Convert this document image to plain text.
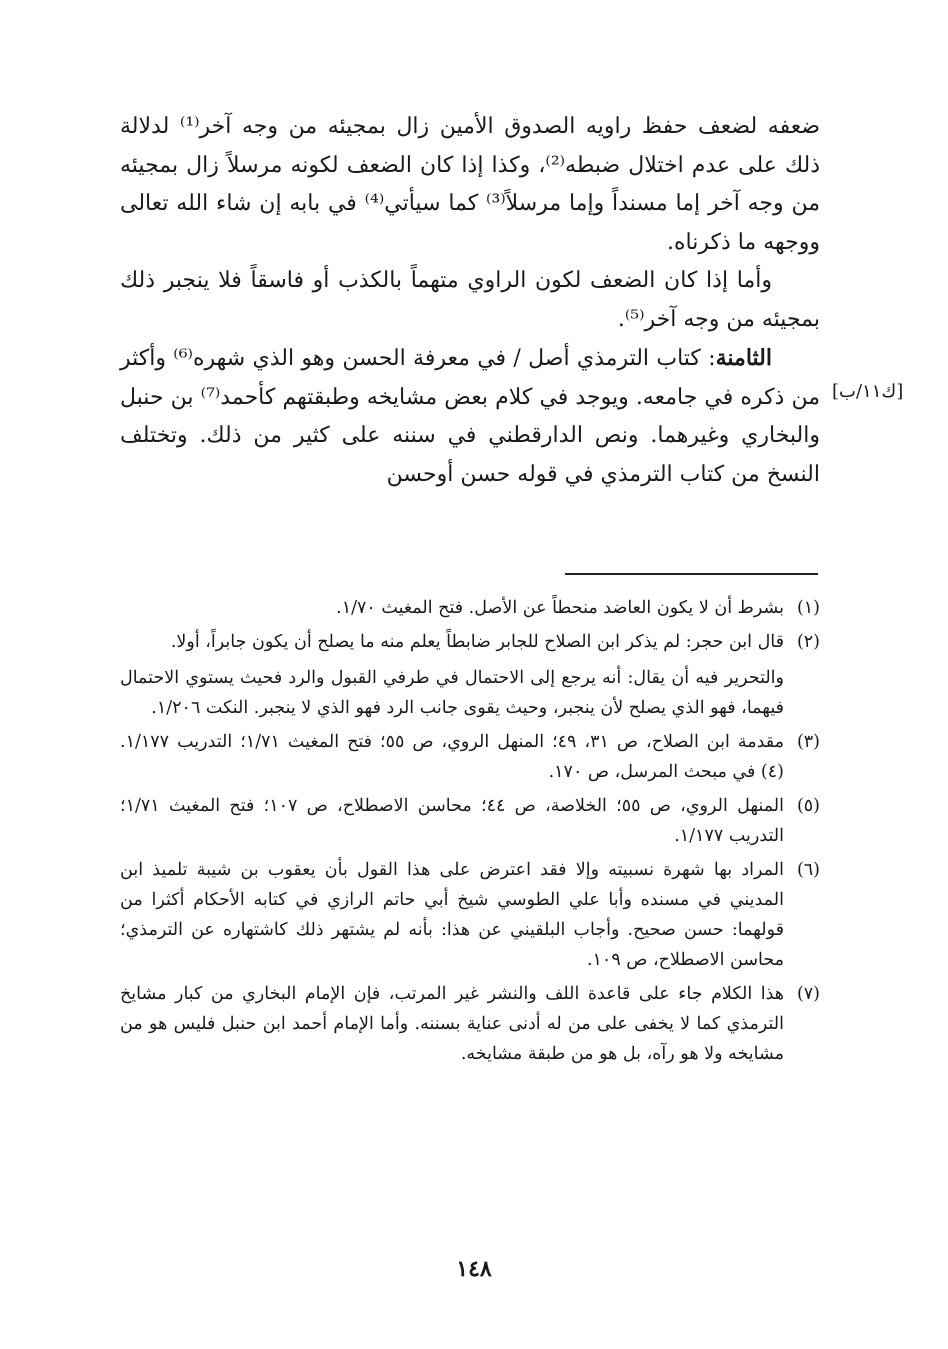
ضعفه لضعف حفظ راويه الصدوق الأمين زال بمجيئه من وجه آخر⁽¹⁾ لدلالة ذلك على عدم اختلال ضبطه⁽²⁾، وكذا إذا كان الضعف لكونه مرسلاً زال بمجيئه من وجه آخر إما مسنداً وإما مرسلاً⁽³⁾ كما سيأتي⁽⁴⁾ في بابه إن شاء الله تعالى ووجهه ما ذكرناه.

وأما إذا كان الضعف لكون الراوي متهماً بالكذب أو فاسقاً فلا ينجبر ذلك بمجيئه من وجه آخر⁽⁵⁾.

الثامنة: كتاب الترمذي أصل / في معرفة الحسن وهو الذي شهره⁽⁶⁾ وأكثر من ذكره في جامعه. ويوجد في كلام بعض مشايخه وطبقتهم كأحمد⁽⁷⁾ بن حنبل والبخاري وغيرهما. ونص الدارقطني في سننه على كثير من ذلك. وتختلف النسخ من كتاب الترمذي في قوله حسن أوحسن

[ك١١/ب]
(١)

بشرط أن لا يكون العاضد منحطاً عن الأصل. فتح المغيث ١/٧٠.

(٢)

قال ابن حجر: لم يذكر ابن الصلاح للجابر ضابطاً يعلم منه ما يصلح أن يكون جابراً، أولا.

والتحرير فيه أن يقال: أنه يرجع إلى الاحتمال في طرفي القبول والرد فحيث يستوي الاحتمال فيهما، فهو الذي يصلح لأن ينجبر، وحيث يقوى جانب الرد فهو الذي لا ينجبر. النكت ١/٢٠٦.

(٣)

مقدمة ابن الصلاح، ص ٣١، ٤٩؛ المنهل الروي، ص ٥٥؛ فتح المغيث ١/٧١؛ التدريب ١/١٧٧.      (٤) في مبحث المرسل، ص ١٧٠.

(٥)

المنهل الروي، ص ٥٥؛ الخلاصة، ص ٤٤؛ محاسن الاصطلاح، ص ١٠٧؛ فتح المغيث ١/٧١؛ التدريب ١/١٧٧.

(٦)

المراد بها شهرة نسبيته وإلا فقد اعترض على هذا القول بأن يعقوب بن شيبة تلميذ ابن المديني في مسنده وأبا علي الطوسي شيخ أبي حاتم الرازي في كتابه الأحكام أكثرا من قولهما: حسن صحيح. وأجاب البلقيني عن هذا: بأنه لم يشتهر ذلك كاشتهاره عن الترمذي؛ محاسن الاصطلاح، ص ١٠٩.

(٧)

هذا الكلام جاء على قاعدة اللف والنشر غير المرتب، فإن الإمام البخاري من كبار مشايخ الترمذي كما لا يخفى على من له أدنى عناية بسننه. وأما الإمام أحمد ابن حنبل فليس هو من مشايخه ولا هو رآه، بل هو من طبقة مشايخه.

١٤٨
